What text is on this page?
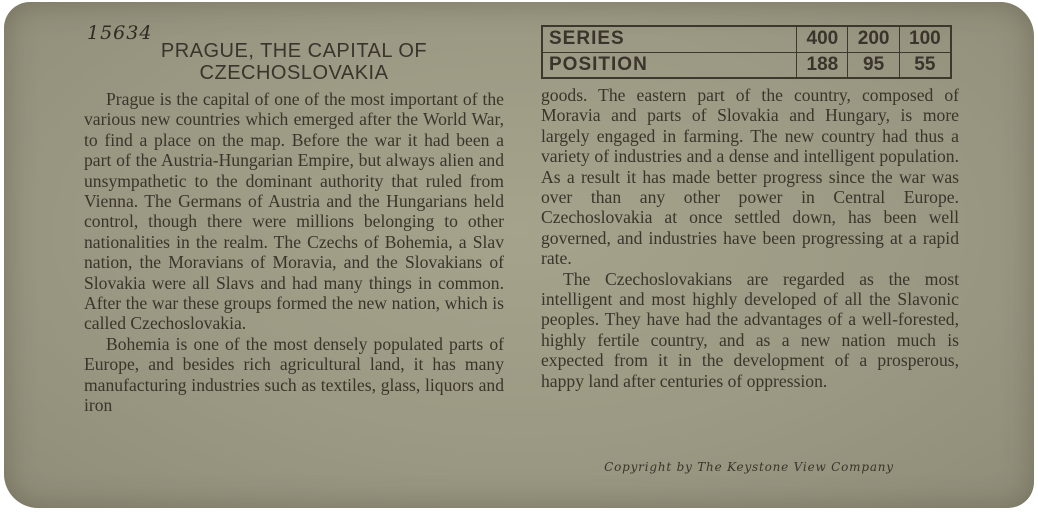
15634
PRAGUE, THE CAPITAL OF
CZECHOSLOVAKIA
SERIES	400	200	100
POSITION	188	95	55

Prague is the capital of one of the most important of the various new countries which emerged after the World War, to find a place on the map. Before the war it had been a part of the Austria-Hungarian Empire, but always alien and unsympathetic to the dominant authority that ruled from Vienna. The Germans of Austria and the Hungarians held control, though there were millions belonging to other nationalities in the realm. The Czechs of Bohemia, a Slav nation, the Moravians of Moravia, and the Slovakians of Slovakia were all Slavs and had many things in common. After the war these groups formed the new nation, which is called Czechoslovakia.

Bohemia is one of the most densely populated parts of Europe, and besides rich agricultural land, it has many manufacturing industries such as textiles, glass, liquors and iron

goods. The eastern part of the country, composed of Moravia and parts of Slovakia and Hungary, is more largely engaged in farming. The new country had thus a variety of industries and a dense and intelligent population. As a result it has made better progress since the war was over than any other power in Central Europe. Czechoslovakia at once settled down, has been well governed, and industries have been progressing at a rapid rate.

The Czechoslovakians are regarded as the most intelligent and most highly developed of all the Slavonic peoples. They have had the advantages of a well-forested, highly fertile country, and as a new nation much is expected from it in the development of a prosperous, happy land after centuries of oppression.

Copyright by The Keystone View Company
